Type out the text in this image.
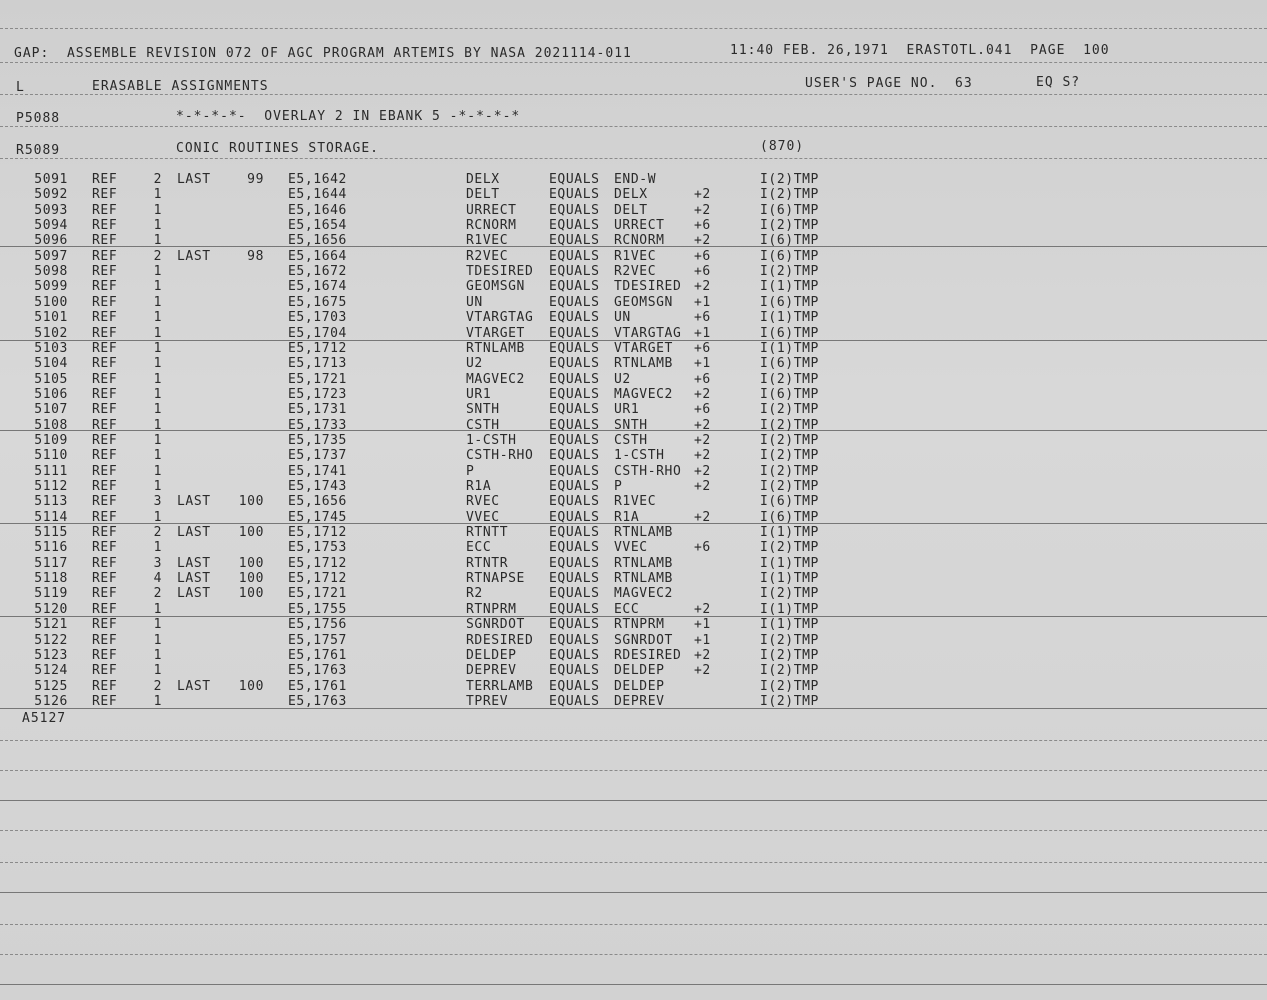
GAP:  ASSEMBLE REVISION 072 OF AGC PROGRAM ARTEMIS BY NASA 2021114-011	11:40 FEB. 26,1971  ERASTOTL.041  PAGE  100
L	ERASABLE ASSIGNMENTS	USER'S PAGE NO.  63	EQ S?
P5088	*-*-*-*-  OVERLAY 2 IN EBANK 5 -*-*-*-*
R5089	CONIC ROUTINES STORAGE.	(870)
5091 REF	2 LAST	99 E5,1642	DELX	EQUALS END-W	I(2)TMP
5092 REF	1	E5,1644	DELT	EQUALS DELX	+2	I(2)TMP
5093 REF	1	E5,1646	URRECT EQUALS DELT	+2	I(6)TMP
5094 REF	1	E5,1654	RCNORM EQUALS URRECT +6	I(2)TMP
5096 REF	1	E5,1656	R1VEC	EQUALS RCNORM +2	I(6)TMP
5097 REF	2 LAST	98 E5,1664	R2VEC	EQUALS R1VEC	+6	I(6)TMP
5098 REF	1	E5,1672	TDESIRED EQUALS R2VEC	+6	I(2)TMP
5099 REF	1	E5,1674	GEOMSGN EQUALS TDESIRED +2	I(1)TMP
5100 REF	1	E5,1675	UN	EQUALS GEOMSGN +1	I(6)TMP
5101 REF	1	E5,1703	VTARGTAG EQUALS UN	+6	I(1)TMP
5102 REF	1	E5,1704	VTARGET EQUALS VTARGTAG +1	I(6)TMP
5103 REF	1	E5,1712	RTNLAMB EQUALS VTARGET +6	I(1)TMP
5104 REF	1	E5,1713	U2	EQUALS RTNLAMB +1	I(6)TMP
5105 REF	1	E5,1721	MAGVEC2 EQUALS U2	+6	I(2)TMP
5106 REF	1	E5,1723	UR1	EQUALS MAGVEC2 +2	I(6)TMP
5107 REF	1	E5,1731	SNTH	EQUALS UR1	+6	I(2)TMP
5108 REF	1	E5,1733	CSTH	EQUALS SNTH	+2	I(2)TMP
5109 REF	1	E5,1735	1-CSTH EQUALS CSTH	+2	I(2)TMP
5110 REF	1	E5,1737	CSTH-RHO EQUALS 1-CSTH +2	I(2)TMP
5111 REF	1	E5,1741	P	EQUALS CSTH-RHO +2	I(2)TMP
5112 REF	1	E5,1743	R1A	EQUALS P	+2	I(2)TMP
5113 REF	3 LAST	100 E5,1656	RVEC	EQUALS R1VEC	I(6)TMP
5114 REF	1	E5,1745	VVEC	EQUALS R1A	+2	I(6)TMP
5115 REF	2 LAST	100 E5,1712	RTNTT	EQUALS RTNLAMB	I(1)TMP
5116 REF	1	E5,1753	ECC	EQUALS VVEC	+6	I(2)TMP
5117 REF	3 LAST	100 E5,1712	RTNTR	EQUALS RTNLAMB	I(1)TMP
5118 REF	4 LAST	100 E5,1712	RTNAPSE EQUALS RTNLAMB	I(1)TMP
5119 REF	2 LAST	100 E5,1721	R2	EQUALS MAGVEC2	I(2)TMP
5120 REF	1	E5,1755	RTNPRM EQUALS ECC	+2	I(1)TMP
5121 REF	1	E5,1756	SGNRDOT EQUALS RTNPRM +1	I(1)TMP
5122 REF	1	E5,1757	RDESIRED EQUALS SGNRDOT +1	I(2)TMP
5123 REF	1	E5,1761	DELDEP EQUALS RDESIRED +2	I(2)TMP
5124 REF	1	E5,1763	DEPREV EQUALS DELDEP +2	I(2)TMP
5125 REF	2 LAST	100 E5,1761	TERRLAMB EQUALS DELDEP	I(2)TMP
5126 REF	1	E5,1763	TPREV	EQUALS DEPREV	I(2)TMP
A5127
